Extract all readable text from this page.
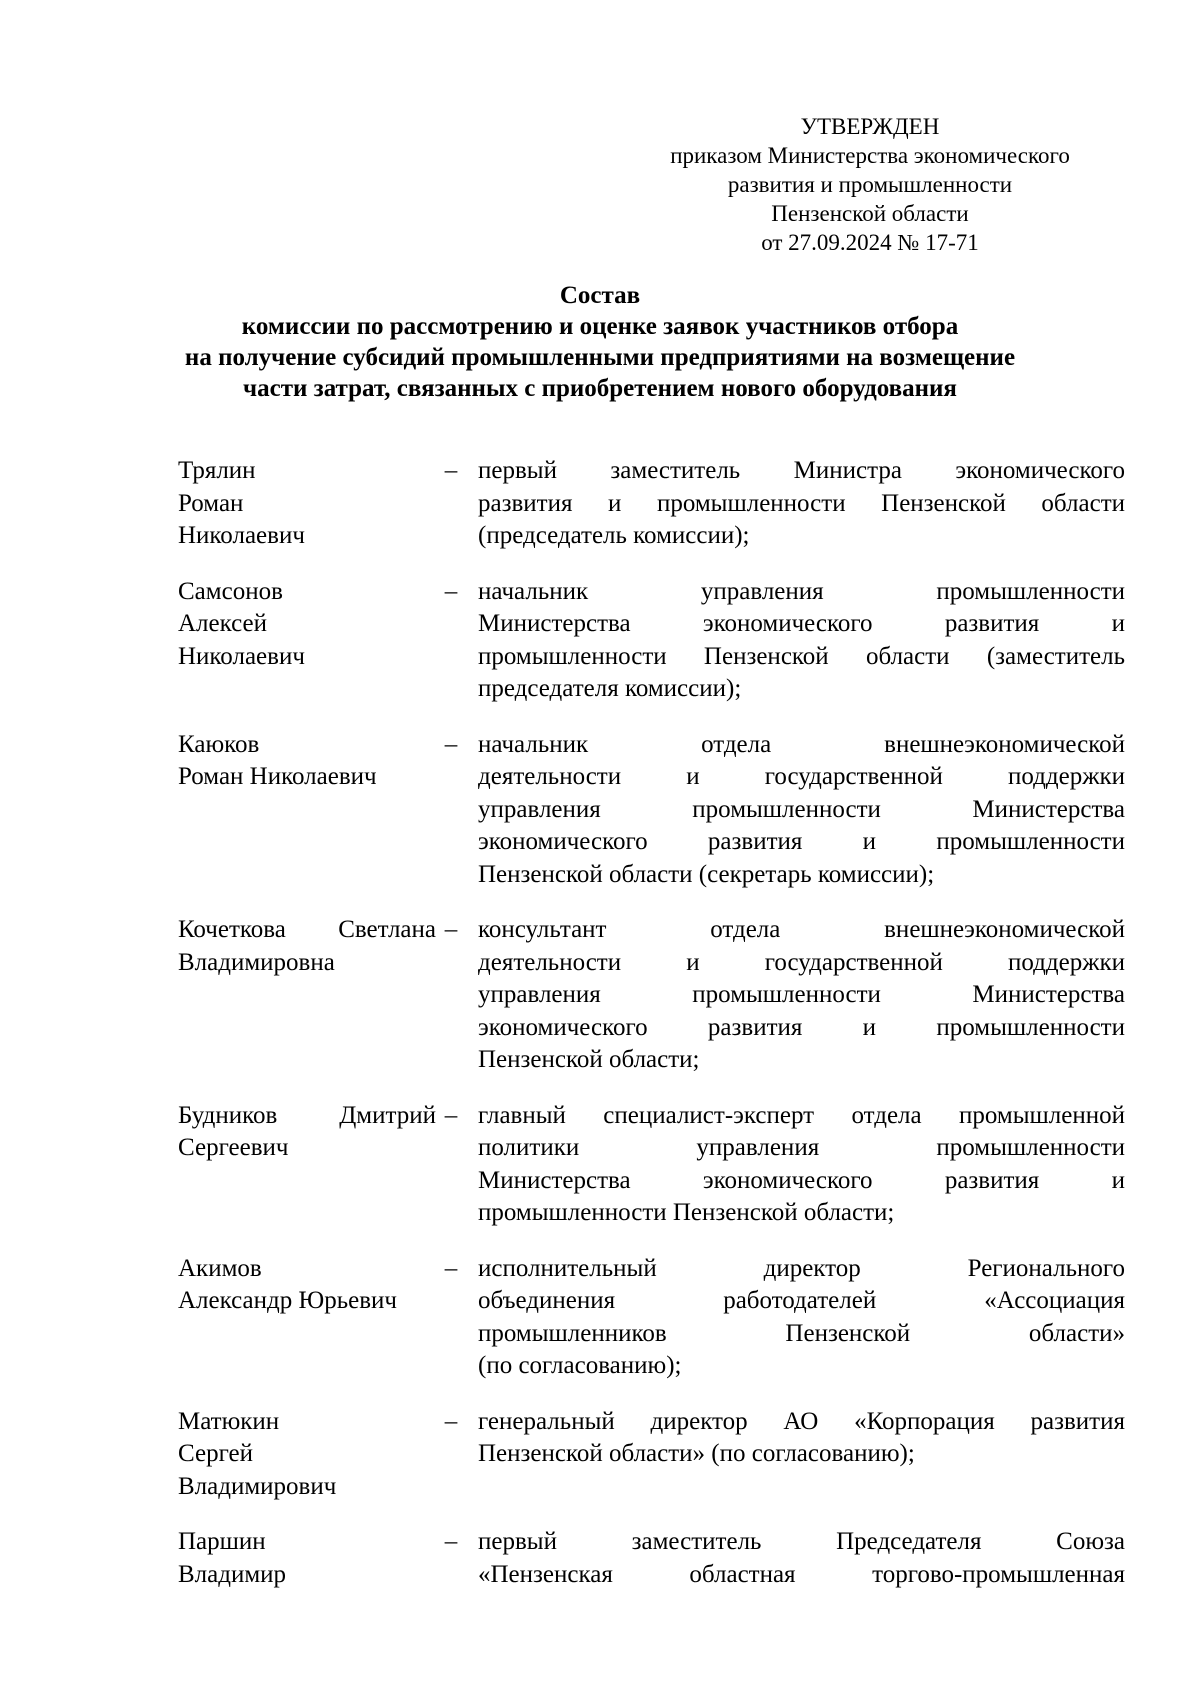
УТВЕРЖДЕН
приказом Министерства экономического
развития и промышленности
Пензенской области
от 27.09.2024 № 17-71
Состав
комиссии по рассмотрению и оценке заявок участников отбора
на получение субсидий промышленными предприятиями на возмещение
части затрат, связанных с приобретением нового оборудования
Трялин
Роман
Николаевич
– первый заместитель Министра экономического
развития и промышленности Пензенской области
(председатель комиссии);
Самсонов
Алексей
Николаевич
– начальник управления промышленности
Министерства экономического развития и
промышленности Пензенской области (заместитель
председателя комиссии);
Каюков
Роман Николаевич
– начальник отдела внешнеэкономической
деятельности и государственной поддержки
управления промышленности Министерства
экономического развития и промышленности
Пензенской области (секретарь комиссии);
Кочеткова Светлана
Владимировна
– консультант отдела внешнеэкономической
деятельности и государственной поддержки
управления промышленности Министерства
экономического развития и промышленности
Пензенской области;
Будников Дмитрий
Сергеевич
– главный специалист-эксперт отдела промышленной
политики управления промышленности
Министерства экономического развития и
промышленности Пензенской области;
Акимов
Александр Юрьевич
– исполнительный директор Регионального
объединения работодателей «Ассоциация
промышленников Пензенской области»
(по согласованию);
Матюкин
Сергей
Владимирович
– генеральный директор АО «Корпорация развития
Пензенской области» (по согласованию);
Паршин
Владимир
– первый заместитель Председателя Союза
«Пензенская областная торгово-промышленная
